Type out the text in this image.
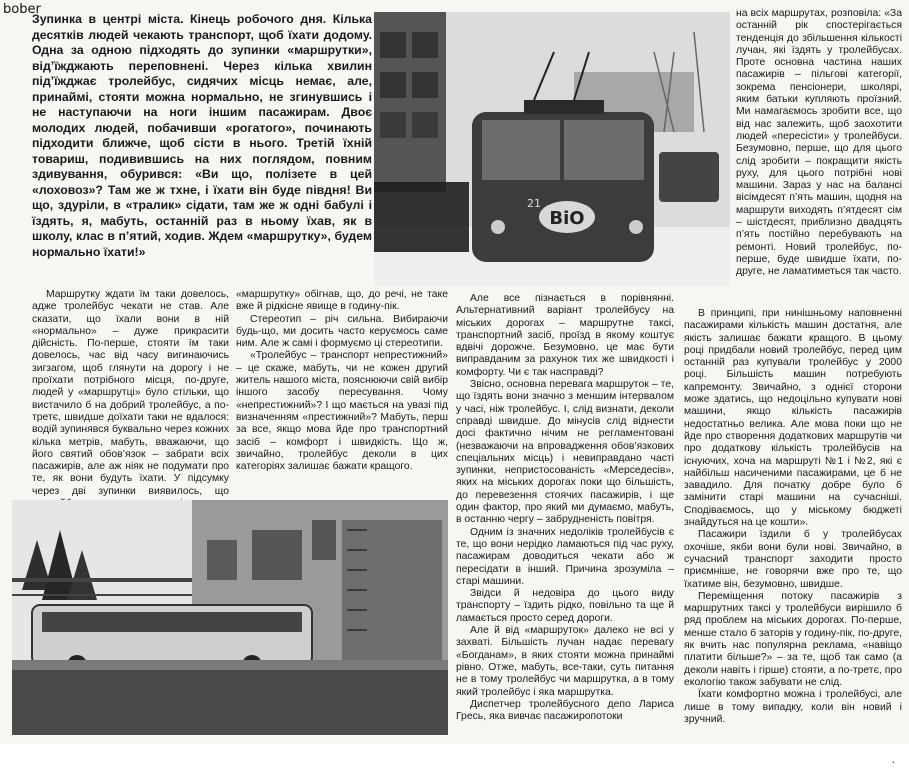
bober
Зупинка в центрі міста. Кінець робочого дня. Кілька десятків людей чекають транспорт, щоб їхати додому. Одна за одною підходять до зупинки «маршрутки», від’їжджають переповнені. Через кілька хвилин під’їжджає тролейбус, сидячих місць немає, але, принаймі, стояти можна нормально, не згинувшись і не наступаючи на ноги іншим пасажирам. Двоє молодих людей, побачивши «рогатого», починають підходити ближче, щоб сісти в нього. Третій їхній товариш, подивившись на них поглядом, повним здивування, обурився: «Ви що, полізете в цей «лоховоз»? Там же ж тхне, і їхати він буде півдня! Ви що, здуріли, в «тралик» сідати, там же ж одні бабулі і їздять, я, мабуть, останній раз в ньому їхав, як в школу, клас в п’ятий, ходив. Ждем «маршрутку», будем нормально їхати!»
BiO
21

Маршрутку ждати їм таки довелось, адже тролейбус чекати не став. Але сказати, що їхали вони в ній «нормально» – дуже прикрасити дійсність. По-перше, стояти їм таки довелось, час від часу вигинаючись зигзагом, щоб глянути на дорогу і не проїхати потрібного місця, по-друге, людей у «маршрутці» було стільки, що вистачило б на добрий тролейбус, а по-третє, швидше доїхати таки не вдалося: водій зупинявся буквально через кожних кілька метрів, мабуть, вважаючи, що його святий обов’язок – забрати всіх пасажирів, але аж ніяк не подумати про те, як вони будуть їхати. У підсумку через дві зупинки виявилось, що

«маршрутку» обігнав, що, до речі, не таке вже й рідкісне явище в годину-пік.

Стереотип – річ сильна. Вибираючи будь-що, ми досить часто керуємось саме ним. Але ж самі і формуємо ці стереотипи.

«Тролейбус – транспорт непрестижний» – це скаже, мабуть, чи не кожен другий житель нашого міста, пояснюючи свій вибір іншого засобу пересування. Чому «непрестижний»? І що мається на увазі під визначенням «престижний»? Мабуть, перш за все, якщо мова йде про транспортний засіб – комфорт і швидкість. Що ж, звичайно, тролейбус деколи в цих категоріях залишає бажати кращого.

Але все пізнається в порівнянні. Альтернативний варіант тролейбусу на міських дорогах – маршрутне таксі, транспортний засіб, проїзд в якому коштує вдвічі дорожче. Безумовно, це має бути виправданим за рахунок тих же швидкості і комфорту. Чи є так насправді?

Звісно, основна перевага маршруток – те, що їздять вони значно з меншим інтервалом у часі, ніж тролейбус. І, слід визнати, деколи справді швидше. До мінусів слід віднести досі фактично нічим не регламентовані (незважаючи на впровадження обов’язкових спеціальних місць) і невиправдано часті зупинки, непристосованість «Мерседесів», яких на міських дорогах поки що більшість, до перевезення стоячих пасажирів, і ще один фактор, про який ми думаємо, мабуть, в останню чергу – забрудненість повітря.

Одним із значних недоліків тролейбусів є те, що вони нерідко ламаються під час руху, пасажирам доводиться чекати або ж пересідати в інший. Причина зрозуміла – старі машини.

Звідси й недовіра до цього виду транспорту – їздить рідко, повільно та ще й ламається просто серед дороги.

Але й від «маршруток» далеко не всі у захваті. Більшість лучан надає перевагу «Богданам», в яких стояти можна принаймі рівно. Отже, мабуть, все-таки, суть питання не в тому тролейбус чи маршрутка, а в тому який тролейбус і яка маршрутка.

Диспетчер тролейбусного депо Лариса Гресь, яка вивчає пасажиропотоки

на всіх маршрутах, розповіла: «За останній рік спостерігається тенденція до збільшення кількості лучан, які їздять у тролейбусах. Проте основна частина наших пасажирів – пільгові категорії, зокрема пенсіонери, школярі, яким батьки купляють проїзний. Ми намагаємось зробити все, що від нас залежить, щоб заохотити людей «пересісти» у тролейбуси. Безумовно, перше, що для цього слід зробити – покращити якість руху, для цього потрібні нові машини. Зараз у нас на балансі вісімдесят п’ять машин, щодня на маршрути виходять п’ятдесят сім – шістдесят, приблизно двадцять п’ять постійно перебувають на ремонті. Новий тролейбус, по-перше, буде швидше їхати, по-друге, не ламатиметься так часто.

В принципі, при нинішньому наповненні пасажирами кількість машин достатня, але якість залишає бажати кращого. В цьому році придбали новий тролейбус, перед цим останній раз купували тролейбус у 2000 році. Більшість машин потребують капремонту. Звичайно, з однієї сторони може здатись, що недоцільно купувати нові машини, якщо кількість пасажирів недостатньо велика. Але мова поки що не йде про створення додаткових маршрутів чи про додаткову кількість тролейбусів на існуючих, хоча на маршруті №1 і №2, які є найбільш насиченими пасажирами, це б не завадило. Для початку добре було б замінити старі машини на сучасніші. Сподіваємось, що у міському бюджеті знайдуться на це кошти».

Пасажири їздили б у тролейбусах охочіше, якби вони були нові. Звичайно, в сучасний транспорт заходити просто приємніше, не говорячи вже про те, що їхатиме він, безумовно, швидше.

Переміщення потоку пасажирів з маршрутних таксі у тролейбуси вирішило б ряд проблем на міських дорогах. По-перше, менше стало б заторів у годину-пік, по-друге, як вчить нас популярна реклама, «навіщо платити більше?» – за те, щоб так само (а деколи навіть і гірше) стояти, а по-третє, про екологію також забувати не слід.

Їхати комфортно можна і тролейбусі, але лише в тому випадку, коли він новий і зручний.

.
